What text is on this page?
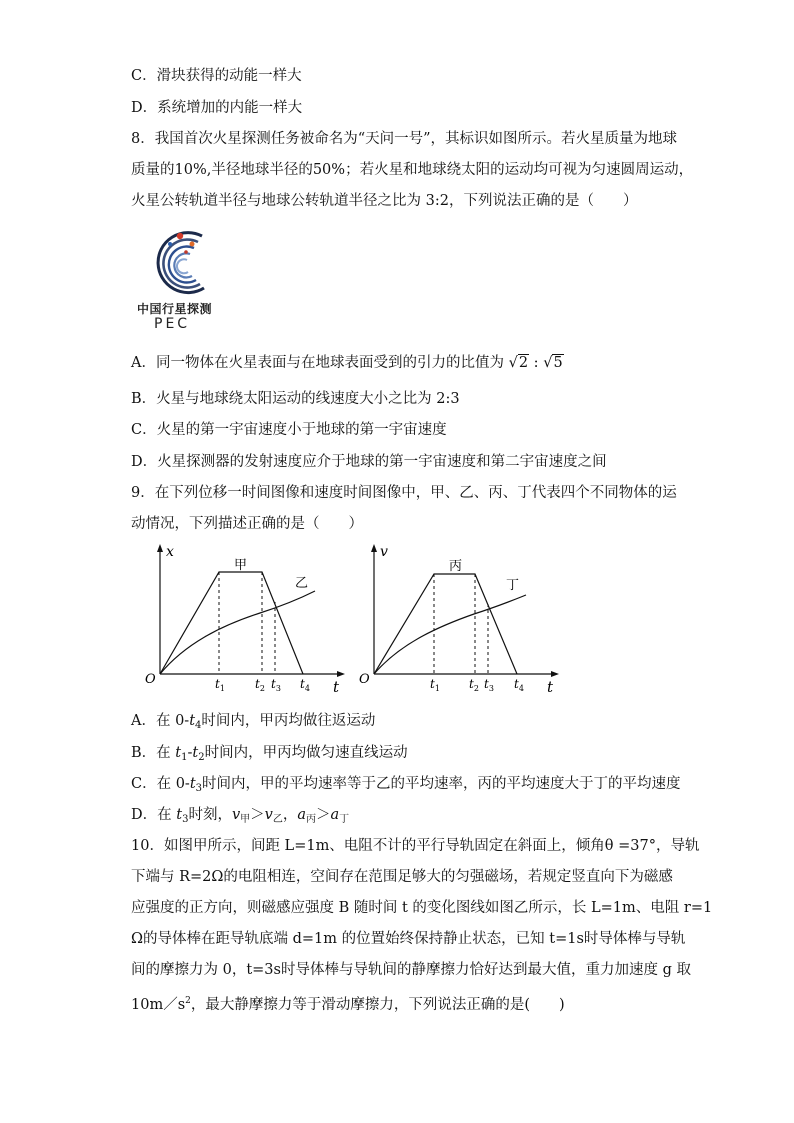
C．滑块获得的动能一样大
D．系统增加的内能一样大
8．我国首次火星探测任务被命名为“天问一号”，其标识如图所示。若火星质量为地球
质量的10%,半径地球半径的50%；若火星和地球绕太阳的运动均可视为匀速圆周运动，
火星公转轨道半径与地球公转轨道半径之比为 3:2，下列说法正确的是（　　）
中国行星探测
PEC
A．同一物体在火星表面与在地球表面受到的引力的比值为 √2 : √5
B．火星与地球绕太阳运动的线速度大小之比为 2:3
C．火星的第一宇宙速度小于地球的第一宇宙速度
D．火星探测器的发射速度应介于地球的第一宇宙速度和第二宇宙速度之间
9．在下列位移一时间图像和速度时间图像中，甲、乙、丙、丁代表四个不同物体的运
动情况，下列描述正确的是（　　）
x
t
O
甲
乙
$t_1$	$t_2$ $t_3$ $t_4$
v
t
O
丙
丁
$t_1$ $t_2$ $t_3$ $t_4$
A．在 $0-t_4$时间内，甲丙均做往返运动
B．在 $t_1-t_2$时间内，甲丙均做匀速直线运动
C．在 $0-t_3$时间内，甲的平均速率等于乙的平均速率，丙的平均速度大于丁的平均速度
D．在 $t_3$时刻，$v_甲>v_乙$，$a_丙>a_丁$
10．如图甲所示，间距 L=1m、电阻不计的平行导轨固定在斜面上，倾角θ =37°，导轨
下端与 R=2Ω的电阻相连，空间存在范围足够大的匀强磁场，若规定竖直向下为磁感
应强度的正方向，则磁感应强度 B 随时间 t 的变化图线如图乙所示，长 L=1m、电阻 r=1
Ω的导体棒在距导轨底端 d=1m 的位置始终保持静止状态，已知 t=1s时导体棒与导轨
间的摩擦力为 0，t=3s时导体棒与导轨间的静摩擦力恰好达到最大值，重力加速度 g 取
$10m/s^2$，最大静摩擦力等于滑动摩擦力，下列说法正确的是(　　)
